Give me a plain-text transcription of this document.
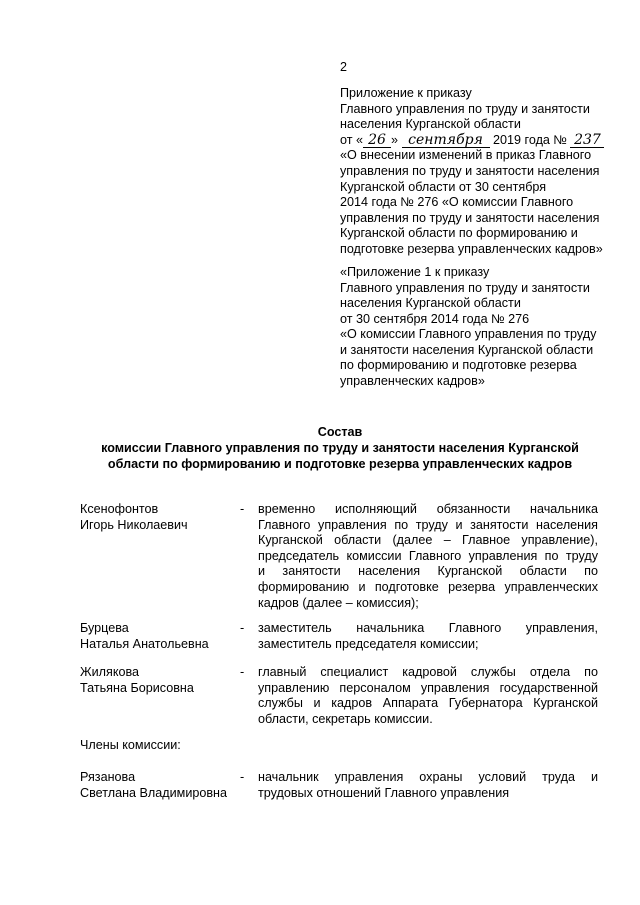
2
Приложение к приказу
Главного управления по труду и занятости
населения Курганской области
от « 26 » сентября 2019 года № 237
«О внесении изменений в приказ Главного
управления по труду и занятости населения
Курганской области от 30 сентября
2014 года № 276 «О комиссии Главного
управления по труду и занятости населения
Курганской области по формированию и
подготовке резерва управленческих кадров»
«Приложение 1 к приказу
Главного управления по труду и занятости
населения Курганской области
от 30 сентября 2014 года № 276
«О комиссии Главного управления по труду
и занятости населения Курганской области
по формированию и подготовке резерва
управленческих кадров»
Состав
комиссии Главного управления по труду и занятости населения Курганской
области по формированию и подготовке резерва управленческих кадров
Ксенофонтов
Игорь Николаевич
- временно исполняющий обязанности начальника
Главного управления по труду и занятости населения
Курганской области (далее – Главное управление),
председатель комиссии Главного управления по труду
и занятости населения Курганской области по
формированию и подготовке резерва управленческих
кадров (далее – комиссия);
Бурцева
Наталья Анатольевна
- заместитель начальника Главного управления,
заместитель председателя комиссии;
Жилякова
Татьяна Борисовна
- главный специалист кадровой службы отдела по
управлению персоналом управления государственной
службы и кадров Аппарата Губернатора Курганской
области, секретарь комиссии.
Члены комиссии:
Рязанова
Светлана Владимировна
- начальник управления охраны условий труда и
трудовых отношений Главного управления
